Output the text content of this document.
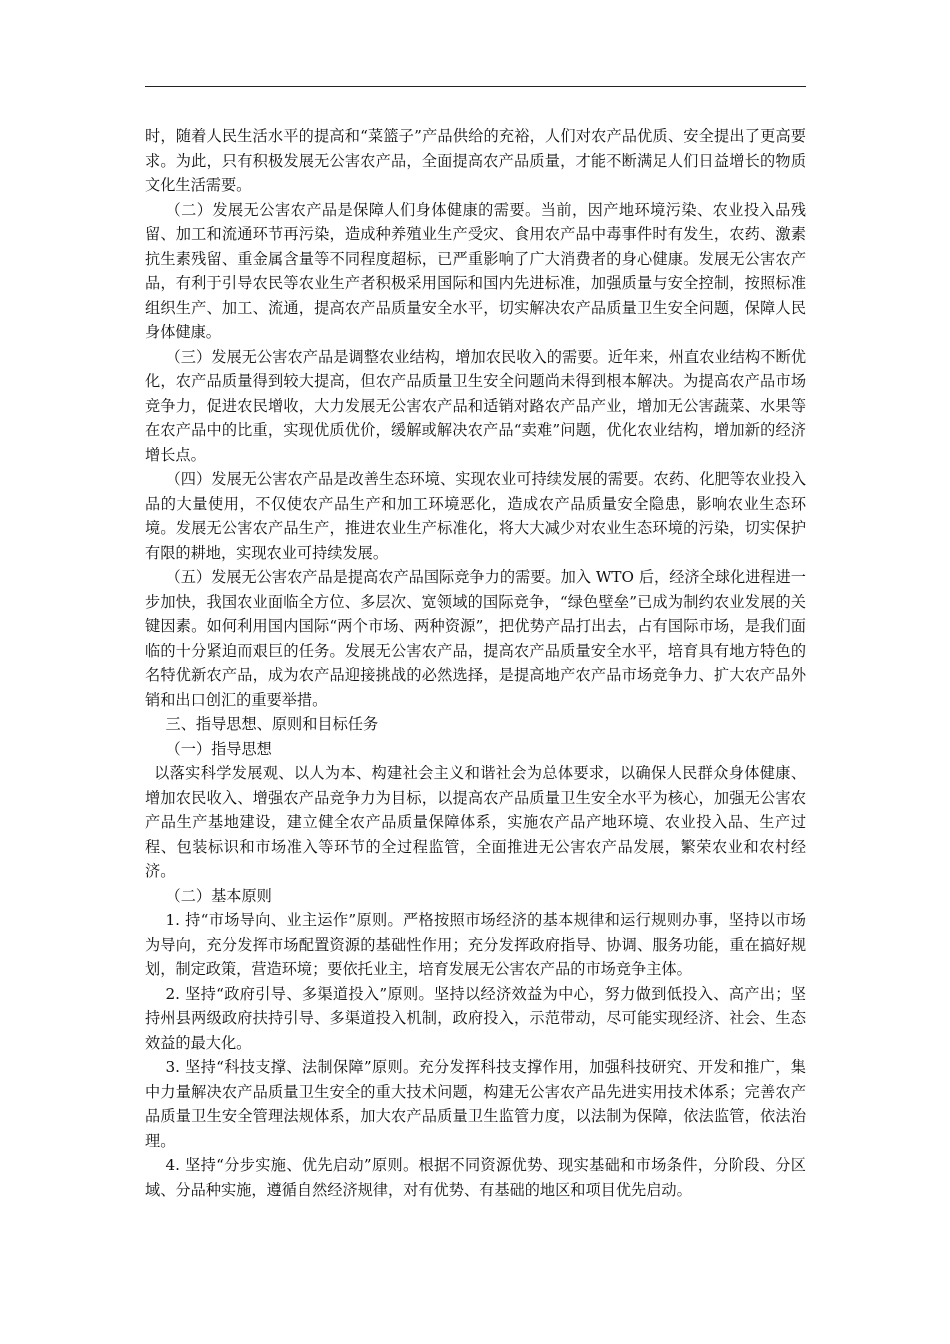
时，随着人民生活水平的提高和“菜篮子”产品供给的充裕，人们对农产品优质、安全提出了更高要求。为此，只有积极发展无公害农产品，全面提高农产品质量，才能不断满足人们日益增长的物质文化生活需要。

（二）发展无公害农产品是保障人们身体健康的需要。当前，因产地环境污染、农业投入品残留、加工和流通环节再污染，造成种养殖业生产受灾、食用农产品中毒事件时有发生，农药、激素抗生素残留、重金属含量等不同程度超标，已严重影响了广大消费者的身心健康。发展无公害农产品，有利于引导农民等农业生产者积极采用国际和国内先进标准，加强质量与安全控制，按照标准组织生产、加工、流通，提高农产品质量安全水平，切实解决农产品质量卫生安全问题，保障人民身体健康。

（三）发展无公害农产品是调整农业结构，增加农民收入的需要。近年来，州直农业结构不断优化，农产品质量得到较大提高，但农产品质量卫生安全问题尚未得到根本解决。为提高农产品市场竞争力，促进农民增收，大力发展无公害农产品和适销对路农产品产业，增加无公害蔬菜、水果等在农产品中的比重，实现优质优价，缓解或解决农产品“卖难”问题，优化农业结构，增加新的经济增长点。

（四）发展无公害农产品是改善生态环境、实现农业可持续发展的需要。农药、化肥等农业投入品的大量使用，不仅使农产品生产和加工环境恶化，造成农产品质量安全隐患，影响农业生态环境。发展无公害农产品生产，推进农业生产标准化，将大大减少对农业生态环境的污染，切实保护有限的耕地，实现农业可持续发展。

（五）发展无公害农产品是提高农产品国际竞争力的需要。加入 WTO 后，经济全球化进程进一步加快，我国农业面临全方位、多层次、宽领域的国际竞争，“绿色壁垒”已成为制约农业发展的关键因素。如何利用国内国际“两个市场、两种资源”，把优势产品打出去，占有国际市场，是我们面临的十分紧迫而艰巨的任务。发展无公害农产品，提高农产品质量安全水平，培育具有地方特色的名特优新农产品，成为农产品迎接挑战的必然选择，是提高地产农产品市场竞争力、扩大农产品外销和出口创汇的重要举措。

三、指导思想、原则和目标任务

（一）指导思想

以落实科学发展观、以人为本、构建社会主义和谐社会为总体要求，以确保人民群众身体健康、增加农民收入、增强农产品竞争力为目标，以提高农产品质量卫生安全水平为核心，加强无公害农产品生产基地建设，建立健全农产品质量保障体系，实施农产品产地环境、农业投入品、生产过程、包装标识和市场准入等环节的全过程监管，全面推进无公害农产品发展，繁荣农业和农村经济。

（二）基本原则

1. 持“市场导向、业主运作”原则。严格按照市场经济的基本规律和运行规则办事，坚持以市场为导向，充分发挥市场配置资源的基础性作用；充分发挥政府指导、协调、服务功能，重在搞好规划，制定政策，营造环境；要依托业主，培育发展无公害农产品的市场竞争主体。

2. 坚持“政府引导、多渠道投入”原则。坚持以经济效益为中心，努力做到低投入、高产出；坚持州县两级政府扶持引导、多渠道投入机制，政府投入，示范带动，尽可能实现经济、社会、生态效益的最大化。

3. 坚持“科技支撑、法制保障”原则。充分发挥科技支撑作用，加强科技研究、开发和推广，集中力量解决农产品质量卫生安全的重大技术问题，构建无公害农产品先进实用技术体系；完善农产品质量卫生安全管理法规体系，加大农产品质量卫生监管力度，以法制为保障，依法监管，依法治理。

4. 坚持“分步实施、优先启动”原则。根据不同资源优势、现实基础和市场条件，分阶段、分区域、分品种实施，遵循自然经济规律，对有优势、有基础的地区和项目优先启动。
